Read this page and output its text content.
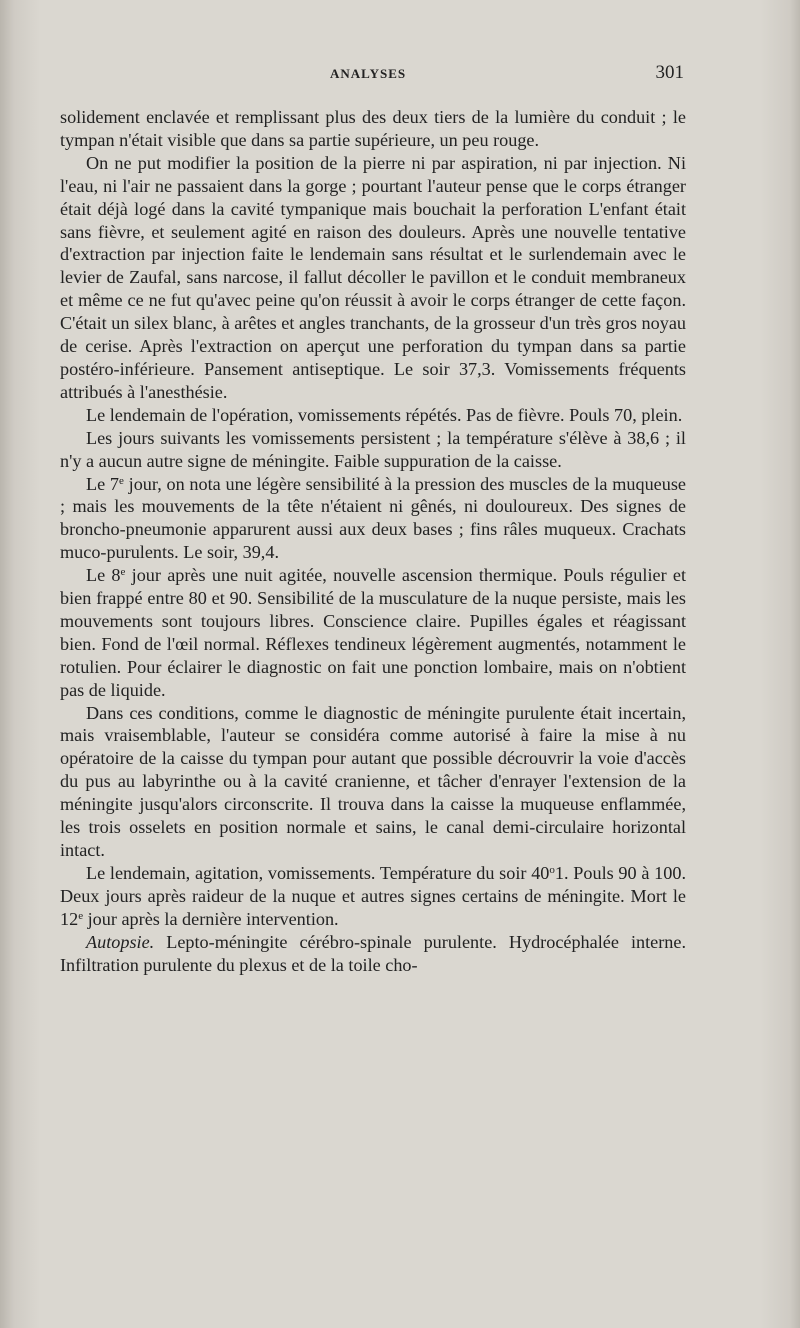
ANALYSES	301

solidement enclavée et remplissant plus des deux tiers de la lumière du conduit ; le tympan n'était visible que dans sa partie supérieure, un peu rouge.

On ne put modifier la position de la pierre ni par aspiration, ni par injection. Ni l'eau, ni l'air ne passaient dans la gorge ; pourtant l'auteur pense que le corps étranger était déjà logé dans la cavité tympanique mais bouchait la perforation L'enfant était sans fièvre, et seulement agité en raison des douleurs. Après une nouvelle tentative d'extraction par injection faite le lendemain sans résultat et le surlendemain avec le levier de Zaufal, sans narcose, il fallut décoller le pavillon et le conduit membraneux et même ce ne fut qu'avec peine qu'on réussit à avoir le corps étranger de cette façon. C'était un silex blanc, à arêtes et angles tranchants, de la grosseur d'un très gros noyau de cerise. Après l'extraction on aperçut une perforation du tympan dans sa partie postéro-inférieure. Pansement antiseptique. Le soir 37,3. Vomissements fréquents attribués à l'anesthésie.

Le lendemain de l'opération, vomissements répétés. Pas de fièvre. Pouls 70, plein.

Les jours suivants les vomissements persistent ; la température s'élève à 38,6 ; il n'y a aucun autre signe de méningite. Faible suppuration de la caisse.

Le 7e jour, on nota une légère sensibilité à la pression des muscles de la muqueuse ; mais les mouvements de la tête n'étaient ni gênés, ni douloureux. Des signes de broncho-pneumonie apparurent aussi aux deux bases ; fins râles muqueux. Crachats muco-purulents. Le soir, 39,4.

Le 8e jour après une nuit agitée, nouvelle ascension thermique. Pouls régulier et bien frappé entre 80 et 90. Sensibilité de la musculature de la nuque persiste, mais les mouvements sont toujours libres. Conscience claire. Pupilles égales et réagissant bien. Fond de l'œil normal. Réflexes tendineux légèrement augmentés, notamment le rotulien. Pour éclairer le diagnostic on fait une ponction lombaire, mais on n'obtient pas de liquide.

Dans ces conditions, comme le diagnostic de méningite purulente était incertain, mais vraisemblable, l'auteur se considéra comme autorisé à faire la mise à nu opératoire de la caisse du tympan pour autant que possible décrouvrir la voie d'accès du pus au labyrinthe ou à la cavité cranienne, et tâcher d'enrayer l'extension de la méningite jusqu'alors circonscrite. Il trouva dans la caisse la muqueuse enflammée, les trois osselets en position normale et sains, le canal demi-circulaire horizontal intact.

Le lendemain, agitation, vomissements. Température du soir 40$^o$1. Pouls 90 à 100. Deux jours après raideur de la nuque et autres signes certains de méningite. Mort le 12e jour après la dernière intervention.

Autopsie. Lepto-méningite cérébro-spinale purulente. Hydrocéphalée interne. Infiltration purulente du plexus et de la toile cho-
